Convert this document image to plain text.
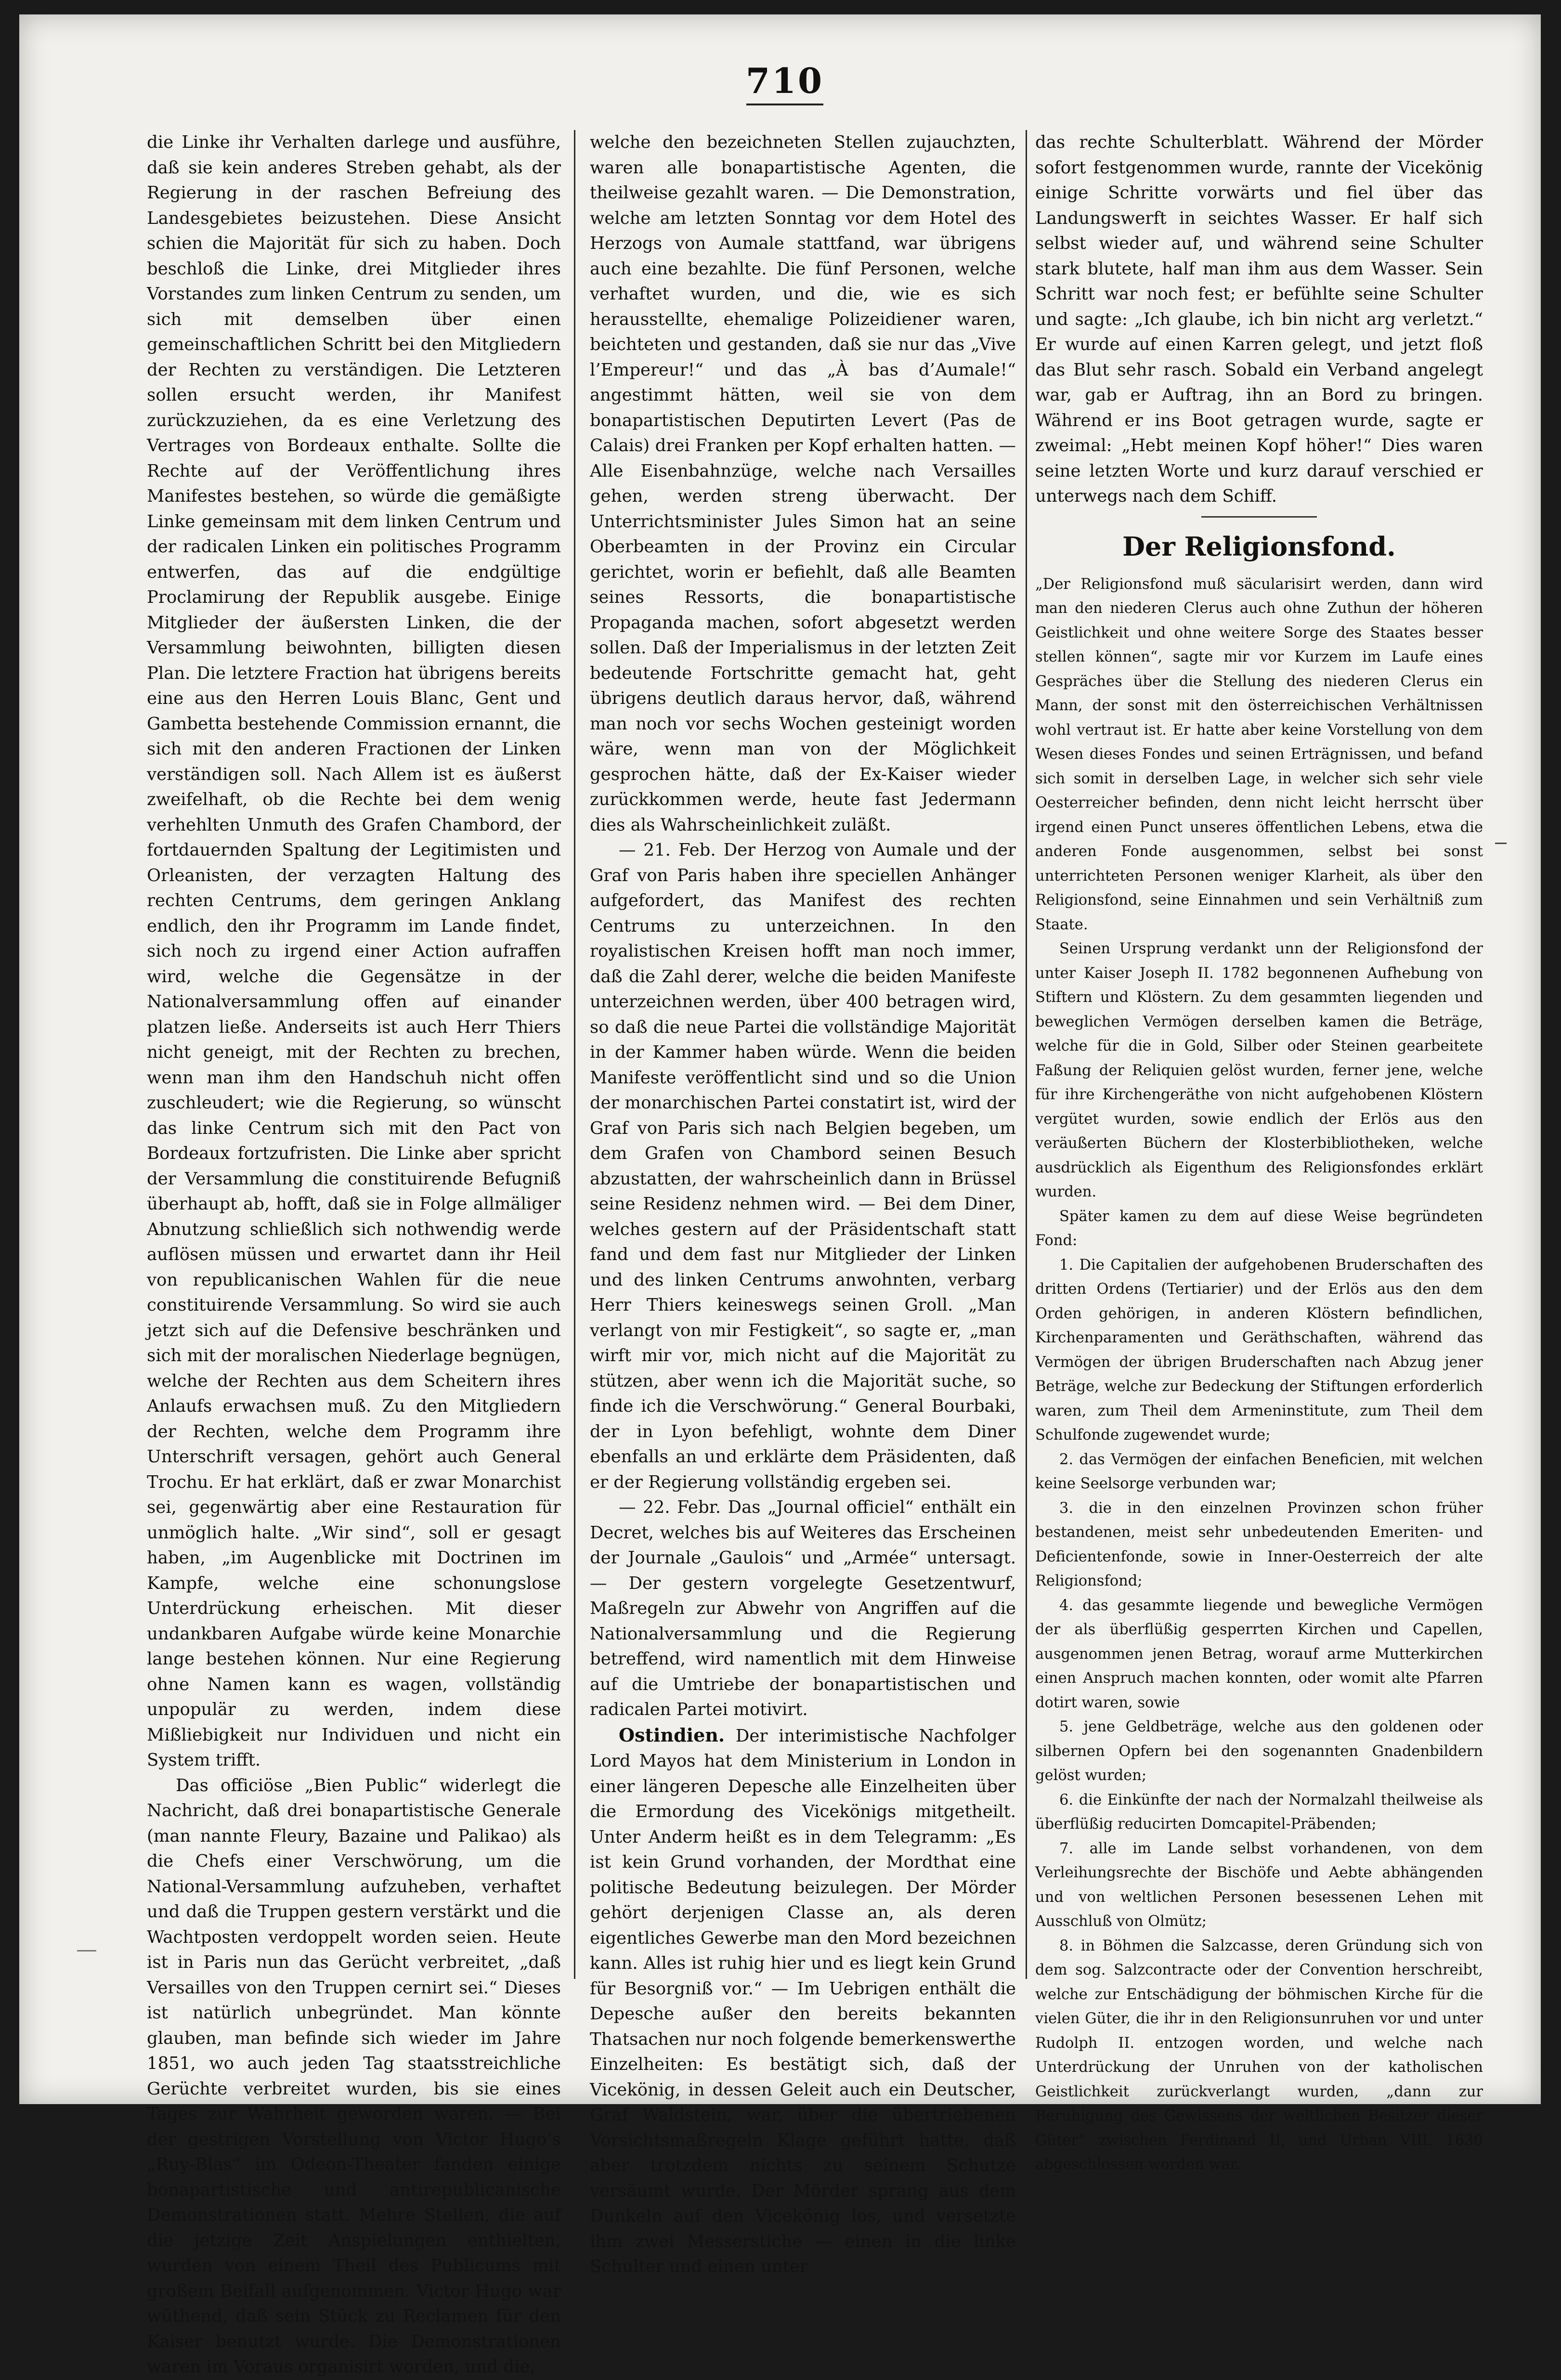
710

die Linke ihr Verhalten darlege und ausführe, daß sie kein anderes Streben gehabt, als der Regierung in der raschen Befreiung des Landesgebietes beizustehen. Diese Ansicht schien die Majorität für sich zu haben. Doch beschloß die Linke, drei Mitglieder ihres Vorstandes zum linken Centrum zu senden, um sich mit demselben über einen gemeinschaftlichen Schritt bei den Mitgliedern der Rechten zu verständigen. Die Letzteren sollen ersucht werden, ihr Manifest zurückzuziehen, da es eine Verletzung des Vertrages von Bordeaux enthalte. Sollte die Rechte auf der Veröffentlichung ihres Manifestes bestehen, so würde die gemäßigte Linke gemeinsam mit dem linken Centrum und der radicalen Linken ein politisches Programm entwerfen, das auf die endgültige Proclamirung der Republik ausgebe. Einige Mitglieder der äußersten Linken, die der Versammlung beiwohnten, billigten diesen Plan. Die letztere Fraction hat übrigens bereits eine aus den Herren Louis Blanc, Gent und Gambetta bestehende Commission ernannt, die sich mit den anderen Fractionen der Linken verständigen soll. Nach Allem ist es äußerst zweifelhaft, ob die Rechte bei dem wenig verhehlten Unmuth des Grafen Chambord, der fortdauernden Spaltung der Legitimisten und Orleanisten, der verzagten Haltung des rechten Centrums, dem geringen Anklang endlich, den ihr Programm im Lande findet, sich noch zu irgend einer Action aufraffen wird, welche die Gegensätze in der Nationalversammlung offen auf einander platzen ließe. Anderseits ist auch Herr Thiers nicht geneigt, mit der Rechten zu brechen, wenn man ihm den Handschuh nicht offen zuschleudert; wie die Regierung, so wünscht das linke Centrum sich mit den Pact von Bordeaux fortzufristen. Die Linke aber spricht der Versammlung die constituirende Befugniß überhaupt ab, hofft, daß sie in Folge allmäliger Abnutzung schließlich sich nothwendig werde auflösen müssen und erwartet dann ihr Heil von republicanischen Wahlen für die neue constituirende Versammlung. So wird sie auch jetzt sich auf die Defensive beschränken und sich mit der moralischen Niederlage begnügen, welche der Rechten aus dem Scheitern ihres Anlaufs erwachsen muß. Zu den Mitgliedern der Rechten, welche dem Programm ihre Unterschrift versagen, gehört auch General Trochu. Er hat erklärt, daß er zwar Monarchist sei, gegenwärtig aber eine Restauration für unmöglich halte. „Wir sind“, soll er gesagt haben, „im Augenblicke mit Doctrinen im Kampfe, welche eine schonungslose Unterdrückung erheischen. Mit dieser undankbaren Aufgabe würde keine Monarchie lange bestehen können. Nur eine Regierung ohne Namen kann es wagen, vollständig unpopulär zu werden, indem diese Mißliebigkeit nur Individuen und nicht ein System trifft.

Das officiöse „Bien Public“ widerlegt die Nachricht, daß drei bonapartistische Generale (man nannte Fleury, Bazaine und Palikao) als die Chefs einer Verschwörung, um die National-Versammlung aufzuheben, verhaftet und daß die Truppen gestern verstärkt und die Wachtposten verdoppelt worden seien. Heute ist in Paris nun das Gerücht verbreitet, „daß Versailles von den Truppen cernirt sei.“ Dieses ist natürlich unbegründet. Man könnte glauben, man befinde sich wieder im Jahre 1851, wo auch jeden Tag staatsstreichliche Gerüchte verbreitet wurden, bis sie eines Tages zur Wahrheit geworden waren. — Bei der gestrigen Vorstellung von Victor Hugo’s „Ruy-Blas“ im Odeon-Theater fanden einige bonapartistische und antirepublicanische Demonstrationen statt. Mehre Stellen, die auf die jetzige Zeit Anspielungen enthielten, wurden von einem Theil des Publicums mit großem Beifall aufgenommen. Victor Hugo war wüthend, daß sein Stück zu Reclamen für den Kaiser benutzt wurde. Die Demonstrationen waren im Voraus organisirt worden, und die,

welche den bezeichneten Stellen zujauchzten, waren alle bonapartistische Agenten, die theilweise gezahlt waren. — Die Demonstration, welche am letzten Sonntag vor dem Hotel des Herzogs von Aumale stattfand, war übrigens auch eine bezahlte. Die fünf Personen, welche verhaftet wurden, und die, wie es sich herausstellte, ehemalige Polizeidiener waren, beichteten und gestanden, daß sie nur das „Vive l’Empereur!“ und das „À bas d’Aumale!“ angestimmt hätten, weil sie von dem bonapartistischen Deputirten Levert (Pas de Calais) drei Franken per Kopf erhalten hatten. — Alle Eisenbahnzüge, welche nach Versailles gehen, werden streng überwacht. Der Unterrichtsminister Jules Simon hat an seine Oberbeamten in der Provinz ein Circular gerichtet, worin er befiehlt, daß alle Beamten seines Ressorts, die bonapartistische Propaganda machen, sofort abgesetzt werden sollen. Daß der Imperialismus in der letzten Zeit bedeutende Fortschritte gemacht hat, geht übrigens deutlich daraus hervor, daß, während man noch vor sechs Wochen gesteinigt worden wäre, wenn man von der Möglichkeit gesprochen hätte, daß der Ex-Kaiser wieder zurückkommen werde, heute fast Jedermann dies als Wahrscheinlichkeit zuläßt.

— 21. Feb. Der Herzog von Aumale und der Graf von Paris haben ihre speciellen Anhänger aufgefordert, das Manifest des rechten Centrums zu unterzeichnen. In den royalistischen Kreisen hofft man noch immer, daß die Zahl derer, welche die beiden Manifeste unterzeichnen werden, über 400 betragen wird, so daß die neue Partei die vollständige Majorität in der Kammer haben würde. Wenn die beiden Manifeste veröffentlicht sind und so die Union der monarchischen Partei constatirt ist, wird der Graf von Paris sich nach Belgien begeben, um dem Grafen von Chambord seinen Besuch abzustatten, der wahrscheinlich dann in Brüssel seine Residenz nehmen wird. — Bei dem Diner, welches gestern auf der Präsidentschaft statt fand und dem fast nur Mitglieder der Linken und des linken Centrums anwohnten, verbarg Herr Thiers keineswegs seinen Groll. „Man verlangt von mir Festigkeit“, so sagte er, „man wirft mir vor, mich nicht auf die Majorität zu stützen, aber wenn ich die Majorität suche, so finde ich die Verschwörung.“ General Bourbaki, der in Lyon befehligt, wohnte dem Diner ebenfalls an und erklärte dem Präsidenten, daß er der Regierung vollständig ergeben sei.

— 22. Febr. Das „Journal officiel“ enthält ein Decret, welches bis auf Weiteres das Erscheinen der Journale „Gaulois“ und „Armée“ untersagt. — Der gestern vorgelegte Gesetzentwurf, Maßregeln zur Abwehr von Angriffen auf die Nationalversammlung und die Regierung betreffend, wird namentlich mit dem Hinweise auf die Umtriebe der bonapartistischen und radicalen Partei motivirt.

Ostindien. Der interimistische Nachfolger Lord Mayos hat dem Ministerium in London in einer längeren Depesche alle Einzelheiten über die Ermordung des Vicekönigs mitgetheilt. Unter Anderm heißt es in dem Telegramm: „Es ist kein Grund vorhanden, der Mordthat eine politische Bedeutung beizulegen. Der Mörder gehört derjenigen Classe an, als deren eigentliches Gewerbe man den Mord bezeichnen kann. Alles ist ruhig hier und es liegt kein Grund für Besorgniß vor.“ — Im Uebrigen enthält die Depesche außer den bereits bekannten Thatsachen nur noch folgende bemerkenswerthe Einzelheiten: Es bestätigt sich, daß der Vicekönig, in dessen Geleit auch ein Deutscher, Graf Waldstein, war, über die übertriebenen Vorsichtsmaßregeln Klage geführt hatte, daß aber trotzdem nichts zu seinem Schutze versäumt wurde. Der Mörder sprang aus dem Dunkeln auf den Vicekönig los, und versetzte ihm zwei Messerstiche — einen in die linke Schulter und einen unter

das rechte Schulterblatt. Während der Mörder sofort festgenommen wurde, rannte der Vicekönig einige Schritte vorwärts und fiel über das Landungswerft in seichtes Wasser. Er half sich selbst wieder auf, und während seine Schulter stark blutete, half man ihm aus dem Wasser. Sein Schritt war noch fest; er befühlte seine Schulter und sagte: „Ich glaube, ich bin nicht arg verletzt.“ Er wurde auf einen Karren gelegt, und jetzt floß das Blut sehr rasch. Sobald ein Verband angelegt war, gab er Auftrag, ihn an Bord zu bringen. Während er ins Boot getragen wurde, sagte er zweimal: „Hebt meinen Kopf höher!“ Dies waren seine letzten Worte und kurz darauf verschied er unterwegs nach dem Schiff.

Der Religionsfond.

„Der Religionsfond muß säcularisirt werden, dann wird man den niederen Clerus auch ohne Zuthun der höheren Geistlichkeit und ohne weitere Sorge des Staates besser stellen können“, sagte mir vor Kurzem im Laufe eines Gespräches über die Stellung des niederen Clerus ein Mann, der sonst mit den österreichischen Verhältnissen wohl vertraut ist. Er hatte aber keine Vorstellung von dem Wesen dieses Fondes und seinen Erträgnissen, und befand sich somit in derselben Lage, in welcher sich sehr viele Oesterreicher befinden, denn nicht leicht herrscht über irgend einen Punct unseres öffentlichen Lebens, etwa die anderen Fonde ausgenommen, selbst bei sonst unterrichteten Personen weniger Klarheit, als über den Religionsfond, seine Einnahmen und sein Verhältniß zum Staate.

Seinen Ursprung verdankt unn der Religionsfond der unter Kaiser Joseph II. 1782 begonnenen Aufhebung von Stiftern und Klöstern. Zu dem gesammten liegenden und beweglichen Vermögen derselben kamen die Beträge, welche für die in Gold, Silber oder Steinen gearbeitete Faßung der Reliquien gelöst wurden, ferner jene, welche für ihre Kirchengeräthe von nicht aufgehobenen Klöstern vergütet wurden, sowie endlich der Erlös aus den veräußerten Büchern der Klosterbibliotheken, welche ausdrücklich als Eigenthum des Religionsfondes erklärt wurden.

Später kamen zu dem auf diese Weise begründeten Fond:

1. Die Capitalien der aufgehobenen Bruderschaften des dritten Ordens (Tertiarier) und der Erlös aus den dem Orden gehörigen, in anderen Klöstern befindlichen, Kirchenparamenten und Geräthschaften, während das Vermögen der übrigen Bruderschaften nach Abzug jener Beträge, welche zur Bedeckung der Stiftungen erforderlich waren, zum Theil dem Armeninstitute, zum Theil dem Schulfonde zugewendet wurde;

2. das Vermögen der einfachen Beneficien, mit welchen keine Seelsorge verbunden war;

3. die in den einzelnen Provinzen schon früher bestandenen, meist sehr unbedeutenden Emeriten- und Deficientenfonde, sowie in Inner-Oesterreich der alte Religionsfond;

4. das gesammte liegende und bewegliche Vermögen der als überflüßig gesperrten Kirchen und Capellen, ausgenommen jenen Betrag, worauf arme Mutterkirchen einen Anspruch machen konnten, oder womit alte Pfarren dotirt waren, sowie

5. jene Geldbeträge, welche aus den goldenen oder silbernen Opfern bei den sogenannten Gnadenbildern gelöst wurden;

6. die Einkünfte der nach der Normalzahl theilweise als überflüßig reducirten Domcapitel-Präbenden;

7. alle im Lande selbst vorhandenen, von dem Verleihungsrechte der Bischöfe und Aebte abhängenden und von weltlichen Personen besessenen Lehen mit Ausschluß von Olmütz;

8. in Böhmen die Salzcasse, deren Gründung sich von dem sog. Salzcontracte oder der Convention herschreibt, welche zur Entschädigung der böhmischen Kirche für die vielen Güter, die ihr in den Religionsunruhen vor und unter Rudolph II. entzogen worden, und welche nach Unterdrückung der Unruhen von der katholischen Geistlichkeit zurückverlangt wurden, „dann zur Beruhigung des Gewissens der weltlichen Besitzer dieser Güter“ zwischen Ferdinand II, und Urban VIII. 1630 abgeschlossen worden war.
